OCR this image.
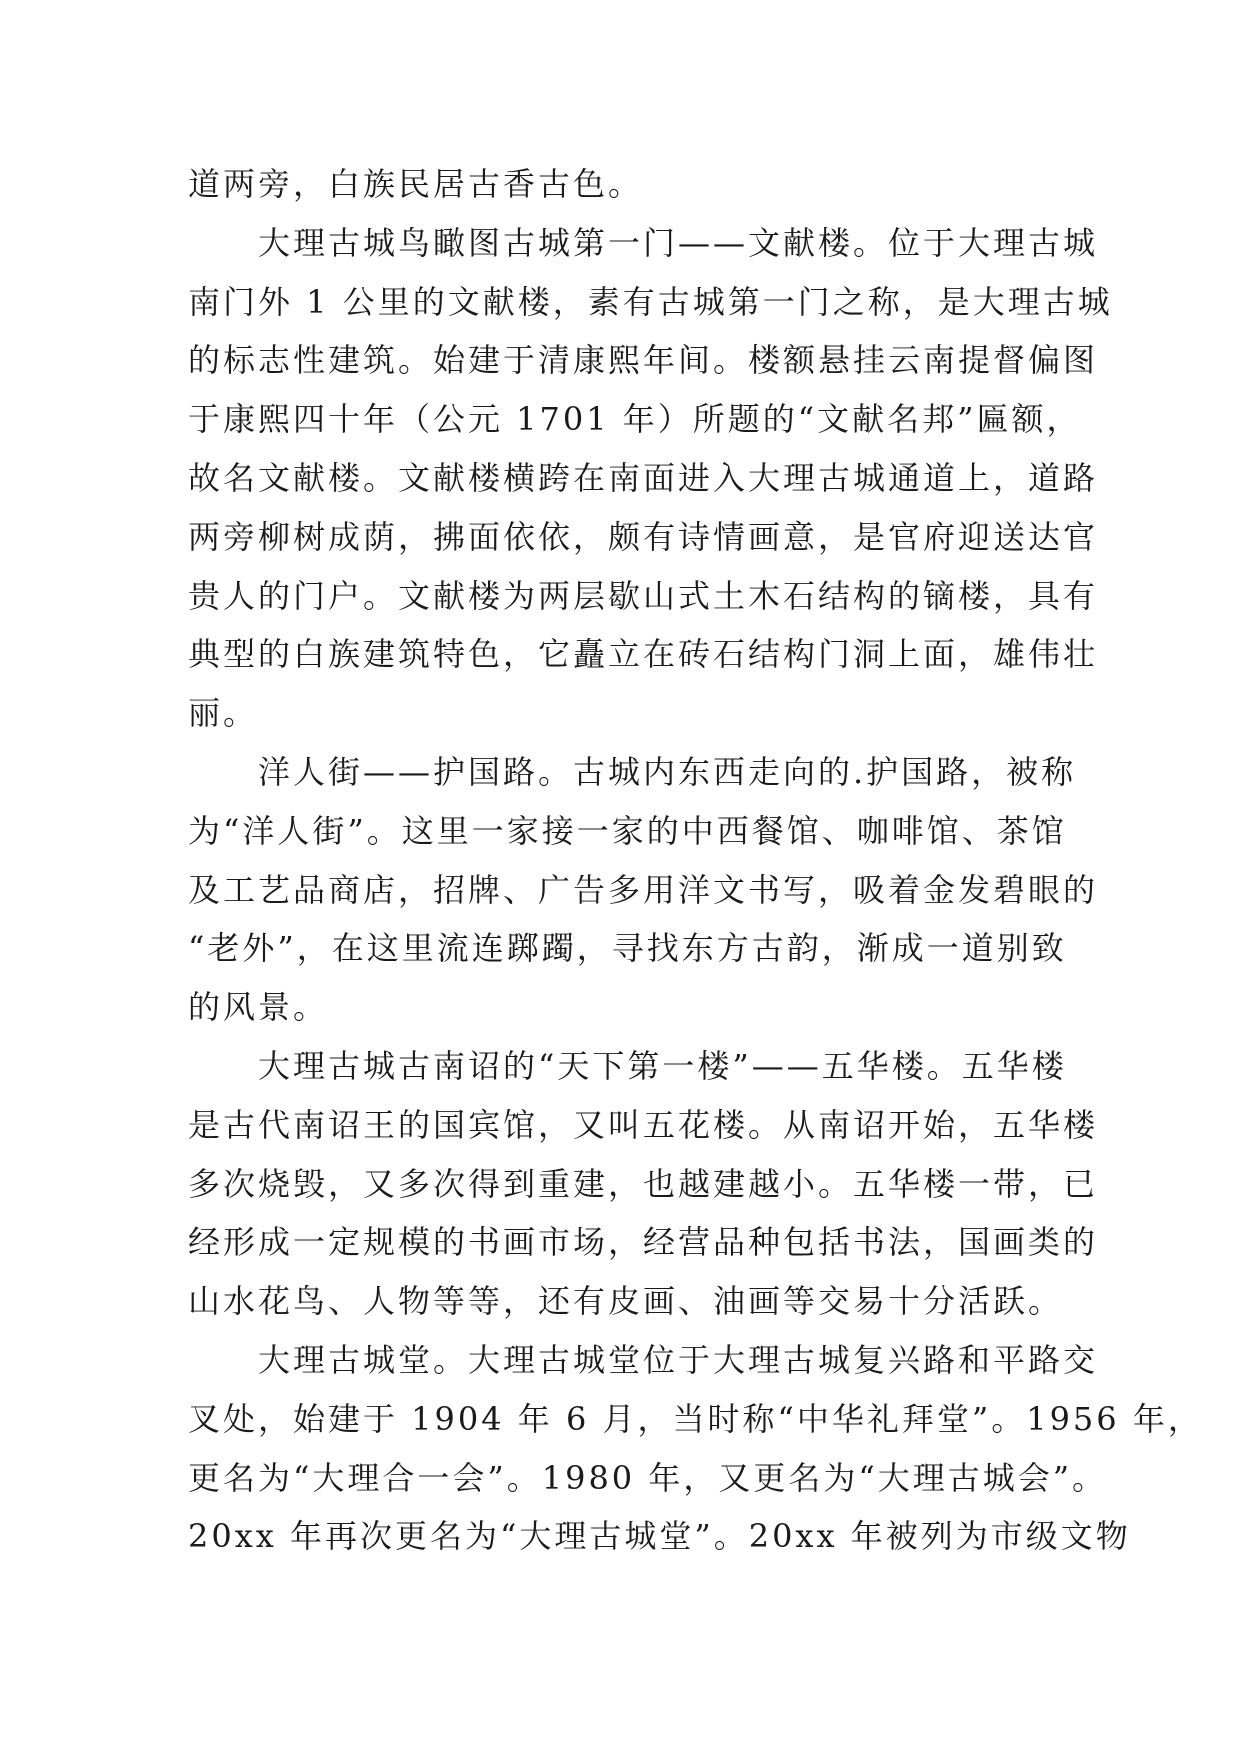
道两旁，白族民居古香古色。
大理古城鸟瞰图古城第一门——文献楼。位于大理古城
南门外 1 公里的文献楼，素有古城第一门之称，是大理古城
的标志性建筑。始建于清康熙年间。楼额悬挂云南提督偏图
于康熙四十年（公元 1701 年）所题的“文献名邦”匾额，
故名文献楼。文献楼横跨在南面进入大理古城通道上，道路
两旁柳树成荫，拂面依依，颇有诗情画意，是官府迎送达官
贵人的门户。文献楼为两层歇山式土木石结构的镝楼，具有
典型的白族建筑特色，它矗立在砖石结构门洞上面，雄伟壮
丽。
洋人街——护国路。古城内东西走向的.护国路，被称
为“洋人街”。这里一家接一家的中西餐馆、咖啡馆、茶馆
及工艺品商店，招牌、广告多用洋文书写，吸着金发碧眼的
“老外”，在这里流连踯躅，寻找东方古韵，渐成一道别致
的风景。
大理古城古南诏的“天下第一楼”——五华楼。五华楼
是古代南诏王的国宾馆，又叫五花楼。从南诏开始，五华楼
多次烧毁，又多次得到重建，也越建越小。五华楼一带，已
经形成一定规模的书画市场，经营品种包括书法，国画类的
山水花鸟、人物等等，还有皮画、油画等交易十分活跃。
大理古城堂。大理古城堂位于大理古城复兴路和平路交
叉处，始建于 1904 年 6 月，当时称“中华礼拜堂”。1956 年，
更名为“大理合一会”。1980 年，又更名为“大理古城会”。
20xx 年再次更名为“大理古城堂”。20xx 年被列为市级文物
